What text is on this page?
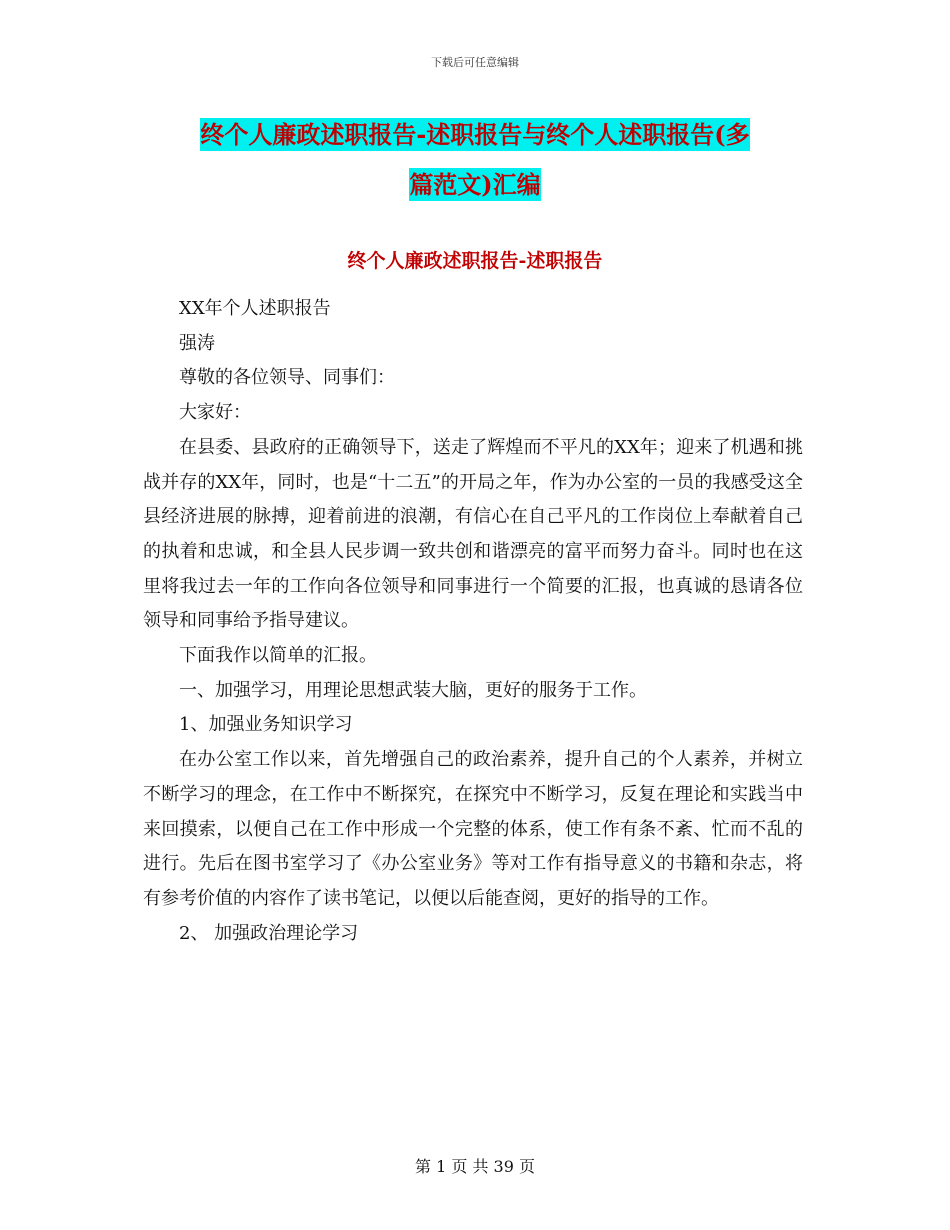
下载后可任意编辑
终个人廉政述职报告-述职报告与终个人述职报告(多
篇范文)汇编
终个人廉政述职报告-述职报告

XX年个人述职报告

强涛

尊敬的各位领导、同事们：

大家好：

在县委、县政府的正确领导下，送走了辉煌而不平凡的XX年；迎来了机遇和挑战并存的XX年，同时，也是“十二五”的开局之年，作为办公室的一员的我感受这全县经济进展的脉搏，迎着前进的浪潮，有信心在自己平凡的工作岗位上奉献着自己的执着和忠诚，和全县人民步调一致共创和谐漂亮的富平而努力奋斗。同时也在这里将我过去一年的工作向各位领导和同事进行一个简要的汇报，也真诚的恳请各位领导和同事给予指导建议。

下面我作以简单的汇报。

一、加强学习，用理论思想武装大脑，更好的服务于工作。

1、加强业务知识学习

在办公室工作以来，首先增强自己的政治素养，提升自己的个人素养，并树立不断学习的理念，在工作中不断探究，在探究中不断学习，反复在理论和实践当中来回摸索，以便自己在工作中形成一个完整的体系，使工作有条不紊、忙而不乱的进行。先后在图书室学习了《办公室业务》等对工作有指导意义的书籍和杂志，将有参考价值的内容作了读书笔记，以便以后能查阅，更好的指导的工作。

2、 加强政治理论学习

第 1 页 共 39 页
